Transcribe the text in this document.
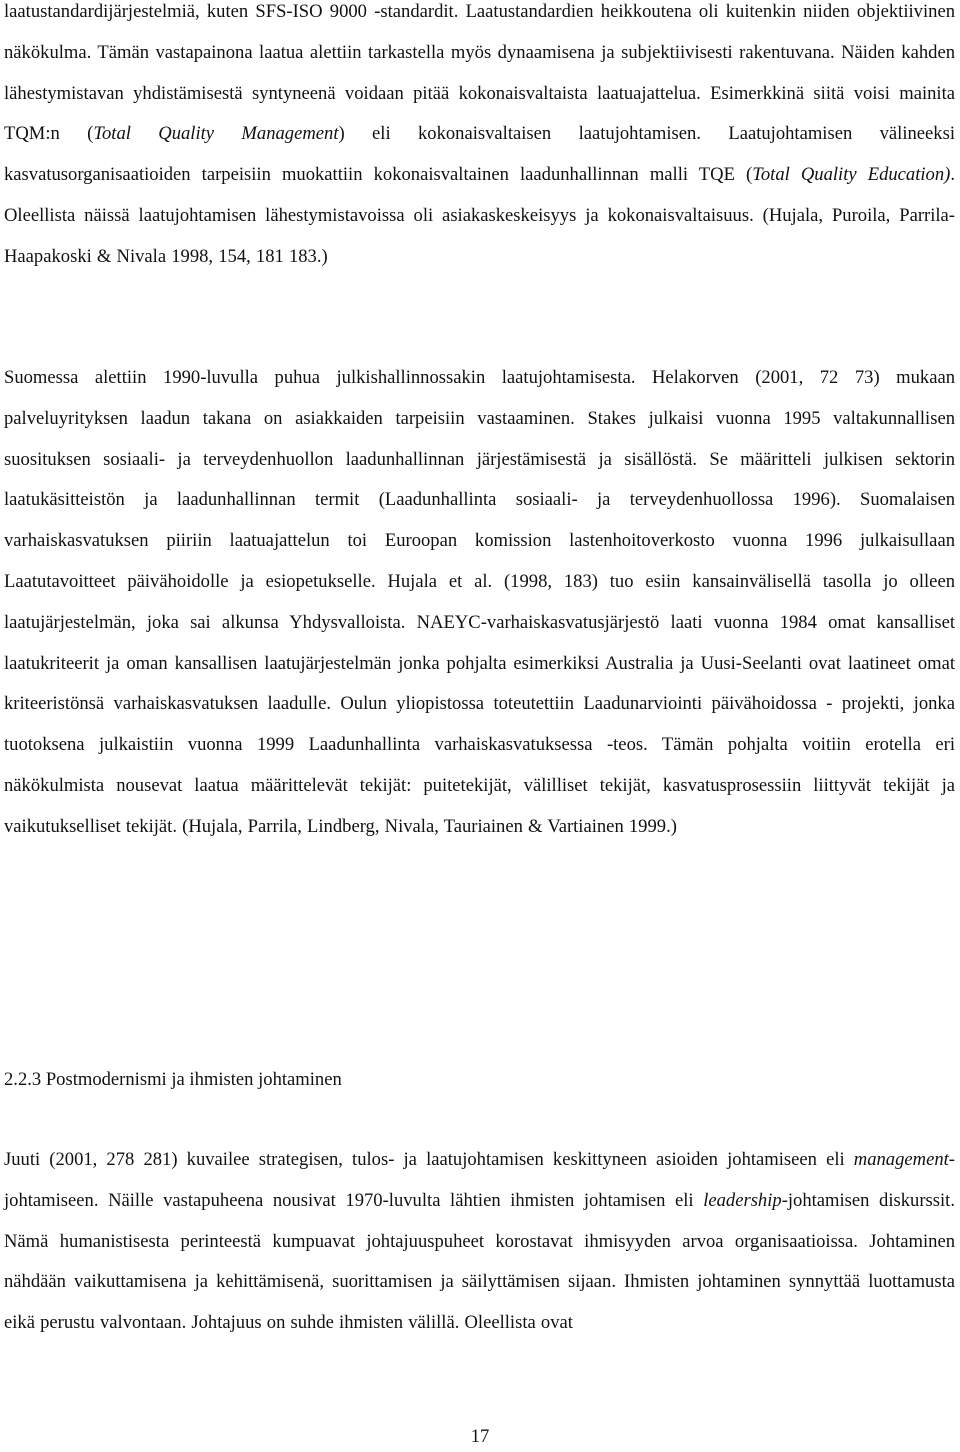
laatustandardijärjestelmiä, kuten SFS-ISO 9000 -standardit. Laatustandardien heikkoutena oli kuitenkin niiden objektiivinen näkökulma. Tämän vastapainona laatua alettiin tarkastella myös dynaamisena ja subjektiivisesti rakentuvana. Näiden kahden lähestymistavan yhdistämisestä syntyneenä voidaan pitää kokonaisvaltaista laatuajattelua. Esimerkkinä siitä voisi mainita TQM:n (Total Quality Management) eli kokonaisvaltaisen laatujohtamisen. Laatujohtamisen välineeksi kasvatusorganisaatioiden tarpeisiin muokattiin kokonaisvaltainen laadunhallinnan malli TQE (Total Quality Education). Oleellista näissä laatujohtamisen lähestymistavoissa oli asiakaskeskeisyys ja kokonaisvaltaisuus. (Hujala, Puroila, Parrila-Haapakoski & Nivala 1998, 154, 181 183.)

Suomessa alettiin 1990-luvulla puhua julkishallinnossakin laatujohtamisesta. Helakorven (2001, 72 73) mukaan palveluyrityksen laadun takana on asiakkaiden tarpeisiin vastaaminen. Stakes julkaisi vuonna 1995 valtakunnallisen suosituksen sosiaali- ja terveydenhuollon laadunhallinnan järjestämisestä ja sisällöstä. Se määritteli julkisen sektorin laatukäsitteistön ja laadunhallinnan termit (Laadunhallinta sosiaali- ja terveydenhuollossa 1996). Suomalaisen varhaiskasvatuksen piiriin laatuajattelun toi Euroopan komission lastenhoitoverkosto vuonna 1996 julkaisullaan Laatutavoitteet päivähoidolle ja esiopetukselle. Hujala et al. (1998, 183) tuo esiin kansainvälisellä tasolla jo olleen laatujärjestelmän, joka sai alkunsa Yhdysvalloista. NAEYC-varhaiskasvatusjärjestö laati vuonna 1984 omat kansalliset laatukriteerit ja oman kansallisen laatujärjestelmän jonka pohjalta esimerkiksi Australia ja Uusi-Seelanti ovat laatineet omat kriteeristönsä varhaiskasvatuksen laadulle. Oulun yliopistossa toteutettiin Laadunarviointi päivähoidossa - projekti, jonka tuotoksena julkaistiin vuonna 1999 Laadunhallinta varhaiskasvatuksessa -teos. Tämän pohjalta voitiin erotella eri näkökulmista nousevat laatua määrittelevät tekijät: puitetekijät, välilliset tekijät, kasvatusprosessiin liittyvät tekijät ja vaikutukselliset tekijät. (Hujala, Parrila, Lindberg, Nivala, Tauriainen & Vartiainen 1999.)

2.2.3 Postmodernismi ja ihmisten johtaminen

Juuti (2001, 278 281) kuvailee strategisen, tulos- ja laatujohtamisen keskittyneen asioiden johtamiseen eli management-johtamiseen. Näille vastapuheena nousivat 1970-luvulta lähtien ihmisten johtamisen eli leadership-johtamisen diskurssit. Nämä humanistisesta perinteestä kumpuavat johtajuuspuheet korostavat ihmisyyden arvoa organisaatioissa. Johtaminen nähdään vaikuttamisena ja kehittämisenä, suorittamisen ja säilyttämisen sijaan. Ihmisten johtaminen synnyttää luottamusta eikä perustu valvontaan. Johtajuus on suhde ihmisten välillä. Oleellista ovat

17
